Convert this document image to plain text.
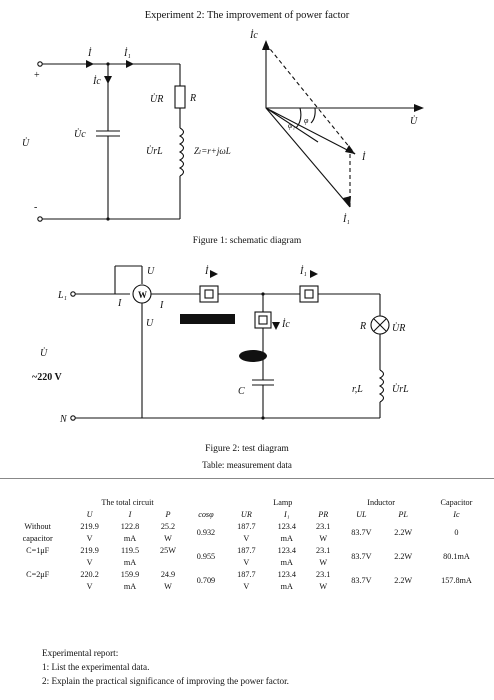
Experiment 2: The improvement of power factor
İ	İ₁
İc
U̇
U̇c
U̇R	R
U̇rL	Zₗ=r+jωL
İc
U̇
İ
İ₁
φ
φ₁
+
-
Figure 1: schematic diagram
L₁
N
U̇
~220 V
W
I	I
U
U	İ	İ₁
İc	R	U̇R
r,L	U̇rL
C
Figure 2: test diagram
Table: measurement data
	The total circuit				Lamp			Inductor		Capacitor
	U	I	P	cosφ	UR	I₁	PR	UL	PL	Ic
Without	219.9	122.8	25.2	0.932	187.7	123.4	23.1	83.7V	2.2W	0
capacitor	V	mA	W		V	mA	W			
C=1μF	219.9	119.5	25W	0.955	187.7	123.4	23.1	83.7V	2.2W	80.1mA
	V	mA			V	mA	W			
C=2μF	220.2	159.9	24.9	0.709	187.7	123.4	23.1	83.7V	2.2W	157.8mA
	V	mA	W		V	mA	W			
Experimental report:
1: List the experimental data.
2: Explain the practical significance of improving the power factor.
